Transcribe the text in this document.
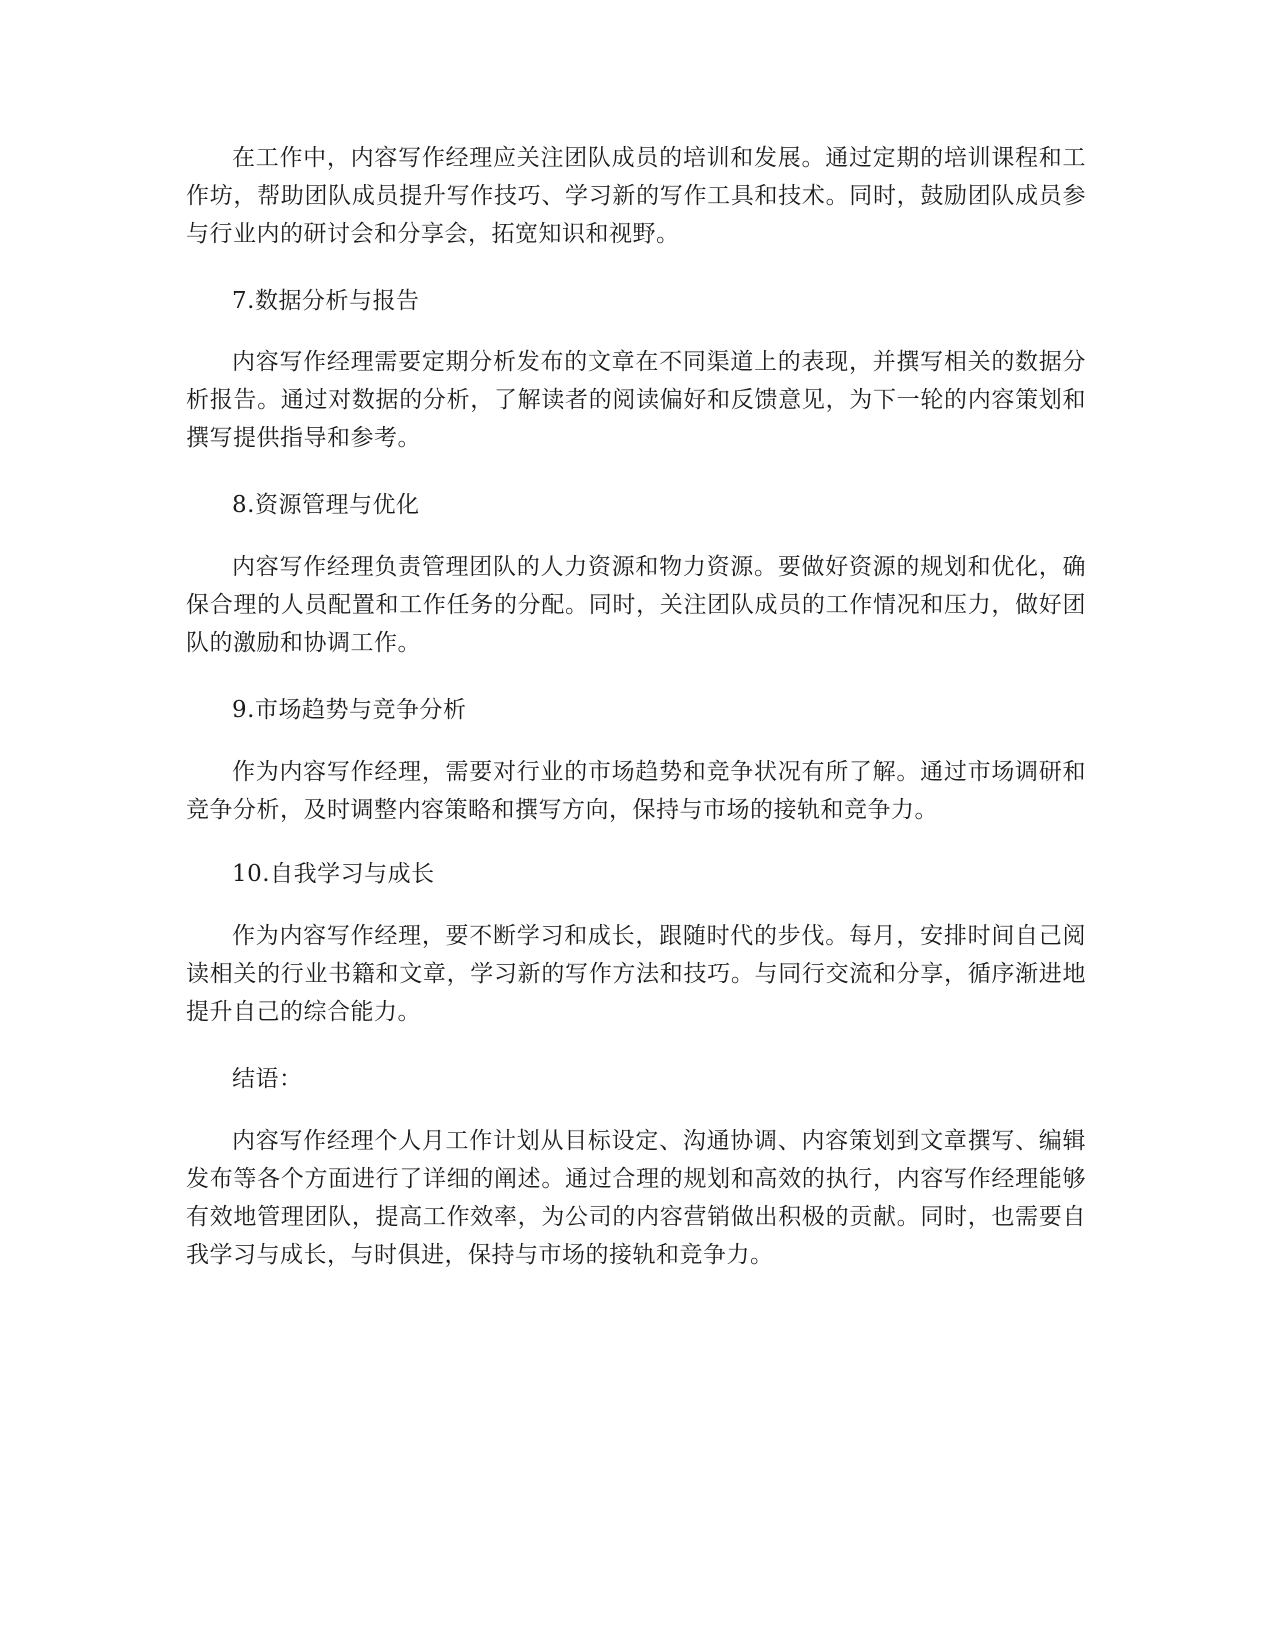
在工作中，内容写作经理应关注团队成员的培训和发展。通过定期的培训课程和工作坊，帮助团队成员提升写作技巧、学习新的写作工具和技术。同时，鼓励团队成员参与行业内的研讨会和分享会，拓宽知识和视野。

7.数据分析与报告

内容写作经理需要定期分析发布的文章在不同渠道上的表现，并撰写相关的数据分析报告。通过对数据的分析，了解读者的阅读偏好和反馈意见，为下一轮的内容策划和撰写提供指导和参考。

8.资源管理与优化

内容写作经理负责管理团队的人力资源和物力资源。要做好资源的规划和优化，确保合理的人员配置和工作任务的分配。同时，关注团队成员的工作情况和压力，做好团队的激励和协调工作。

9.市场趋势与竞争分析

作为内容写作经理，需要对行业的市场趋势和竞争状况有所了解。通过市场调研和竞争分析，及时调整内容策略和撰写方向，保持与市场的接轨和竞争力。

10.自我学习与成长

作为内容写作经理，要不断学习和成长，跟随时代的步伐。每月，安排时间自己阅读相关的行业书籍和文章，学习新的写作方法和技巧。与同行交流和分享，循序渐进地提升自己的综合能力。

结语：

内容写作经理个人月工作计划从目标设定、沟通协调、内容策划到文章撰写、编辑发布等各个方面进行了详细的阐述。通过合理的规划和高效的执行，内容写作经理能够有效地管理团队，提高工作效率，为公司的内容营销做出积极的贡献。同时，也需要自我学习与成长，与时俱进，保持与市场的接轨和竞争力。
